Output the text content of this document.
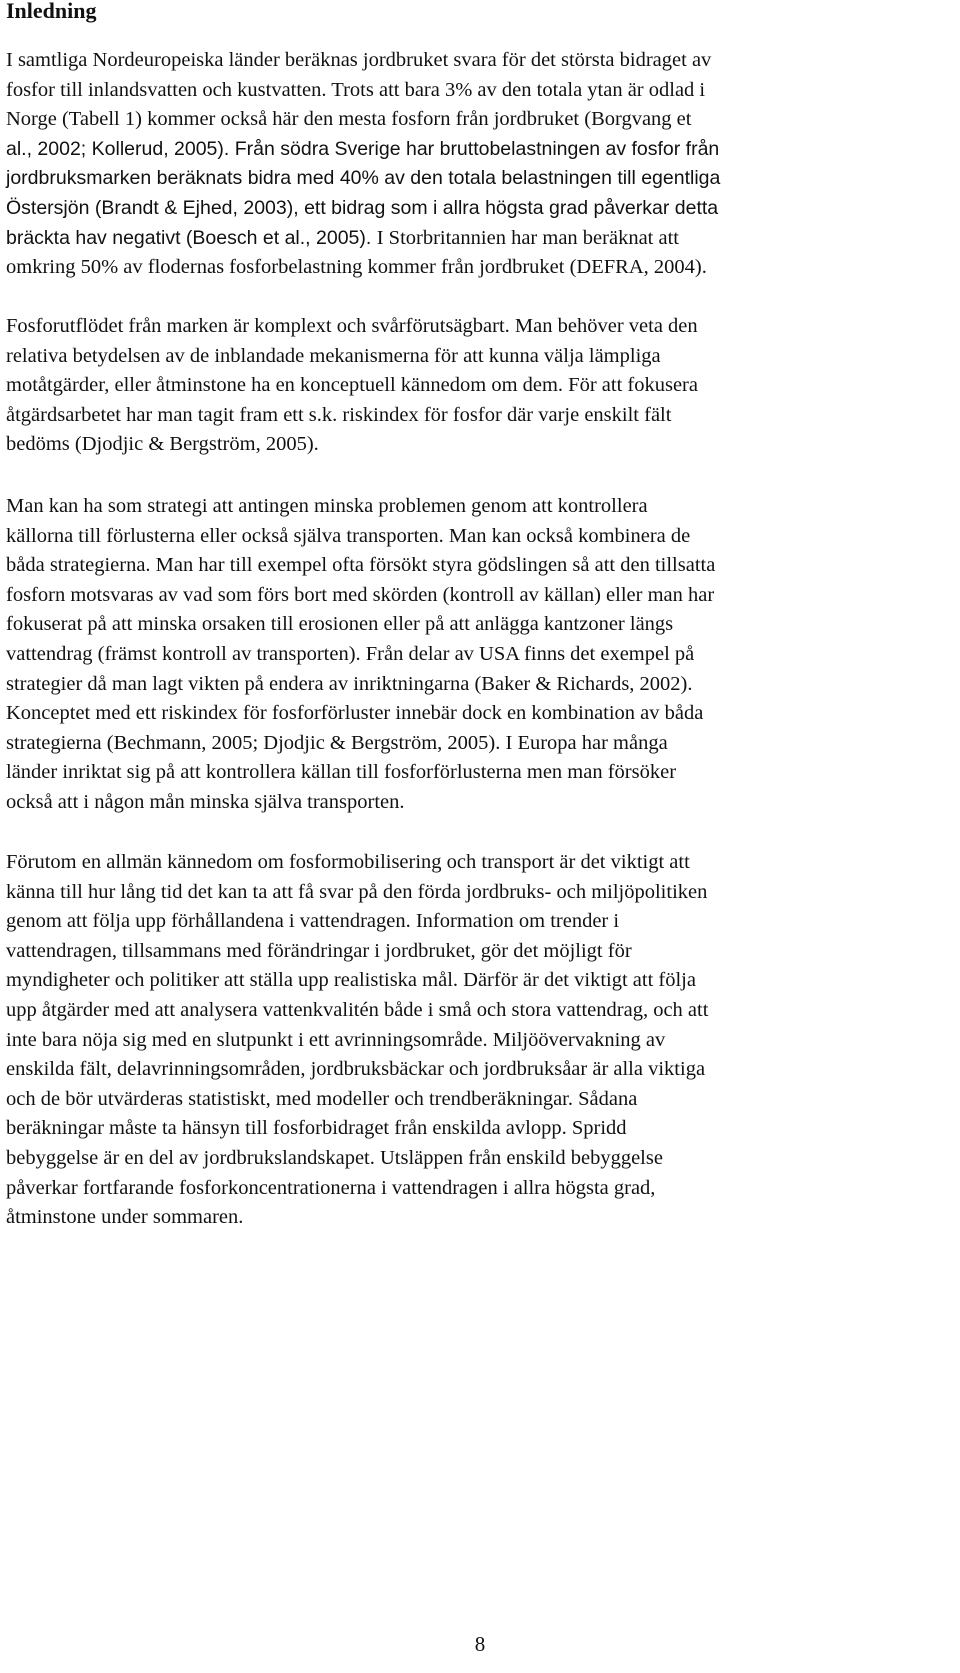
Inledning

I samtliga Nordeuropeiska länder beräknas jordbruket svara för det största bidraget av
fosfor till inlandsvatten och kustvatten. Trots att bara 3% av den totala ytan är odlad i
Norge (Tabell 1) kommer också här den mesta fosforn från jordbruket (Borgvang et
al., 2002; Kollerud, 2005). Från södra Sverige har bruttobelastningen av fosfor från
jordbruksmarken beräknats bidra med 40% av den totala belastningen till egentliga
Östersjön (Brandt & Ejhed, 2003), ett bidrag som i allra högsta grad påverkar detta
bräckta hav negativt (Boesch et al., 2005). I Storbritannien har man beräknat att
omkring 50% av flodernas fosforbelastning kommer från jordbruket (DEFRA, 2004).

Fosforutflödet från marken är komplext och svårförutsägbart. Man behöver veta den
relativa betydelsen av de inblandade mekanismerna för att kunna välja lämpliga
motåtgärder, eller åtminstone ha en konceptuell kännedom om dem. För att fokusera
åtgärdsarbetet har man tagit fram ett s.k. riskindex för fosfor där varje enskilt fält
bedöms (Djodjic & Bergström, 2005).

Man kan ha som strategi att antingen minska problemen genom att kontrollera
källorna till förlusterna eller också själva transporten. Man kan också kombinera de
båda strategierna. Man har till exempel ofta försökt styra gödslingen så att den tillsatta
fosforn motsvaras av vad som förs bort med skörden (kontroll av källan) eller man har
fokuserat på att minska orsaken till erosionen eller på att anlägga kantzoner längs
vattendrag (främst kontroll av transporten). Från delar av USA finns det exempel på
strategier då man lagt vikten på endera av inriktningarna (Baker & Richards, 2002).
Konceptet med ett riskindex för fosforförluster innebär dock en kombination av båda
strategierna (Bechmann, 2005; Djodjic & Bergström, 2005). I Europa har många
länder inriktat sig på att kontrollera källan till fosforförlusterna men man försöker
också att i någon mån minska själva transporten.

Förutom en allmän kännedom om fosformobilisering och transport är det viktigt att
känna till hur lång tid det kan ta att få svar på den förda jordbruks- och miljöpolitiken
genom att följa upp förhållandena i vattendragen. Information om trender i
vattendragen, tillsammans med förändringar i jordbruket, gör det möjligt för
myndigheter och politiker att ställa upp realistiska mål. Därför är det viktigt att följa
upp åtgärder med att analysera vattenkvalitén både i små och stora vattendrag, och att
inte bara nöja sig med en slutpunkt i ett avrinningsområde. Miljöövervakning av
enskilda fält, delavrinningsområden, jordbruksbäckar och jordbruksåar är alla viktiga
och de bör utvärderas statistiskt, med modeller och trendberäkningar. Sådana
beräkningar måste ta hänsyn till fosforbidraget från enskilda avlopp. Spridd
bebyggelse är en del av jordbrukslandskapet. Utsläppen från enskild bebyggelse
påverkar fortfarande fosforkoncentrationerna i vattendragen i allra högsta grad,
åtminstone under sommaren.

8
